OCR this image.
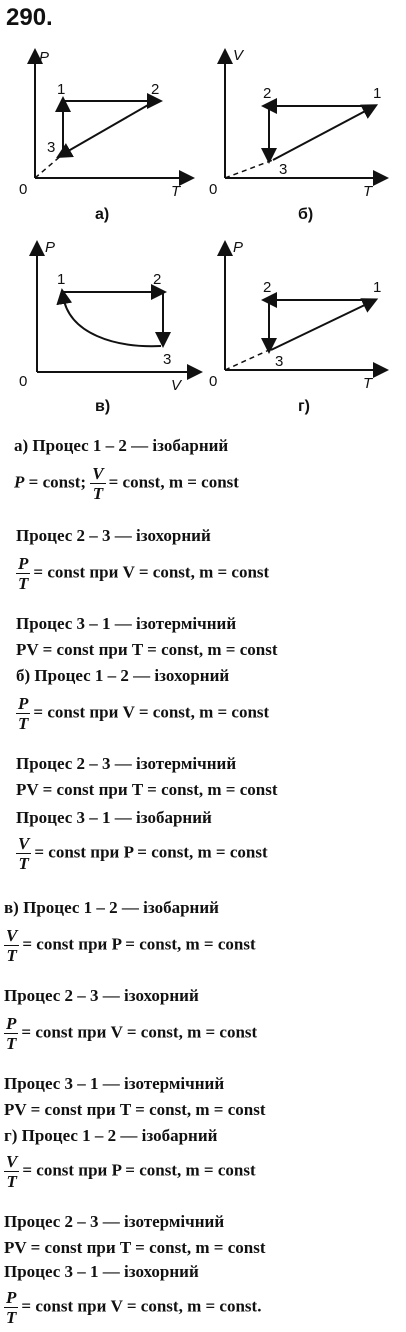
290.
P
T
0
1	2
3
а)
V
T
0
1
2
3
б)
P
V
0
1	2
3
в)
P
T
0
1
2
3
г)
а) Процес 1 – 2 — ізобарний
P = const; $\frac{V}{T}$ = const, m = const
Процес 2 – 3 — ізохорний
$\frac{P}{T}$ = const при V = const, m = const
Процес 3 – 1 — ізотермічний
PV = const при T = const, m = const
б) Процес 1 – 2 — ізохорний
$\frac{P}{T}$ = const при V = const, m = const
Процес 2 – 3 — ізотермічний
PV = const при T = const, m = const
Процес 3 – 1 — ізобарний
$\frac{V}{T}$ = const при P = const, m = const
в) Процес 1 – 2 — ізобарний
$\frac{V}{T}$ = const при P = const, m = const
Процес 2 – 3 — ізохорний
$\frac{P}{T}$ = const при V = const, m = const
Процес 3 – 1 — ізотермічний
PV = const при T = const, m = const
г) Процес 1 – 2 — ізобарний
$\frac{V}{T}$ = const при P = const, m = const
Процес 2 – 3 — ізотермічний
PV = const при T = const, m = const
Процес 3 – 1 — ізохорний
$\frac{P}{T}$ = const при V = const, m = const.
